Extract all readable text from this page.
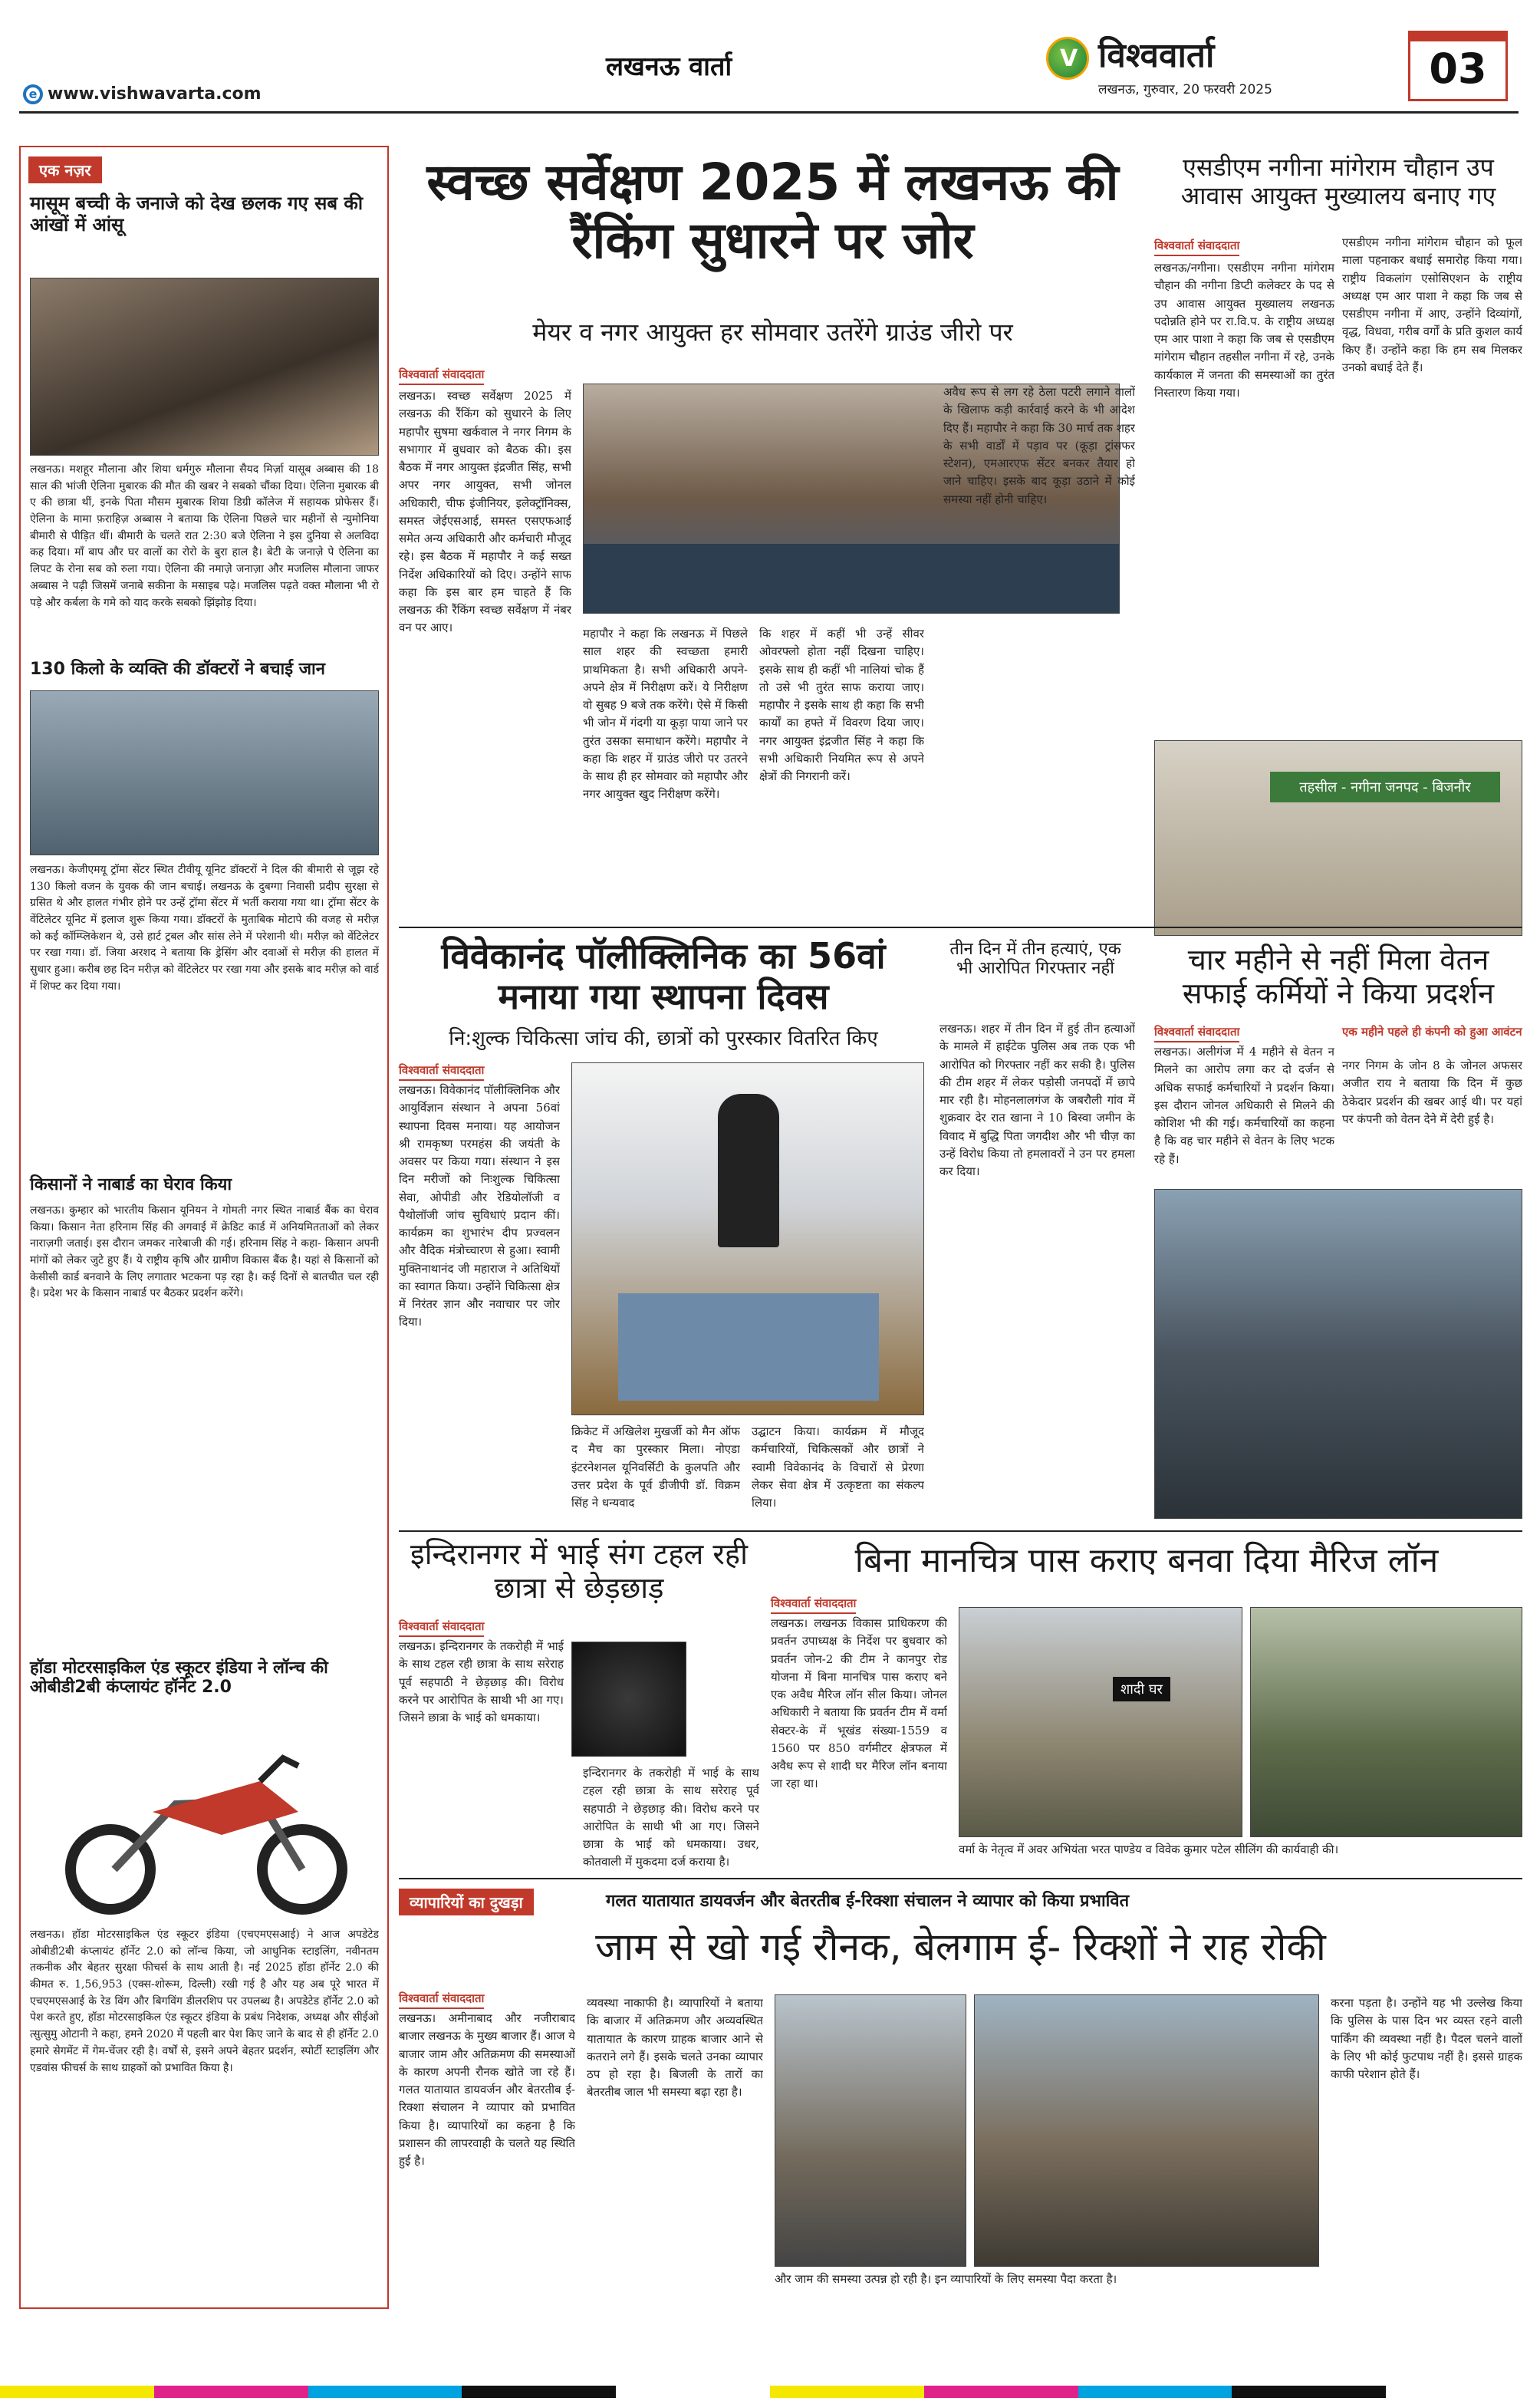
लखनऊ वार्ता	V विश्ववार्ता
लखनऊ, गुरुवार, 20 फरवरी 2025	03
e www.vishwavarta.com
एक नज़र
मासूम बच्ची के जनाजे को देख छलक गए सब की आंखों में आंसू
लखनऊ। मशहूर मौलाना और शिया धर्मगुरु मौलाना सैयद मिर्ज़ा यासूब अब्बास की 18 साल की भांजी ऐलिना मुबारक की मौत की खबर ने सबको चौंका दिया। ऐलिना मुबारक बी ए की छात्रा थीं, इनके पिता मौसम मुबारक शिया डिग्री कॉलेज में सहायक प्रोफेसर हैं। ऐलिना के मामा फ़राहिज़ अब्बास ने बताया कि ऐलिना पिछले चार महीनों से न्युमोनिया बीमारी से पीड़ित थीं। बीमारी के चलते रात 2:30 बजे ऐलिना ने इस दुनिया से अलविदा कह दिया। माँ बाप और घर वालों का रोरो के बुरा हाल है। बेटी के जनाज़े पे ऐलिना का लिपट के रोना सब को रुला गया। ऐलिना की नमाज़े जनाज़ा और मजलिस मौलाना जाफर अब्बास ने पढ़ी जिसमें जनाबे सकीना के मसाइब पढ़े। मजलिस पढ़ते वक्त मौलाना भी रो पड़े और कर्बला के गमे को याद करके सबको झिंझोड़ दिया।
130 किलो के व्यक्ति की डॉक्टरों ने बचाई जान
लखनऊ। केजीएमयू ट्रॉमा सेंटर स्थित टीवीयू यूनिट डॉक्टरों ने दिल की बीमारी से जूझ रहे 130 किलो वजन के युवक की जान बचाई। लखनऊ के दुबग्गा निवासी प्रदीप सुरक्षा से ग्रसित थे और हालत गंभीर होने पर उन्हें ट्रॉमा सेंटर में भर्ती कराया गया था। ट्रॉमा सेंटर के वेंटिलेटर यूनिट में इलाज शुरू किया गया। डॉक्टरों के मुताबिक मोटापे की वजह से मरीज़ को कई कॉम्प्लिकेशन थे, उसे हार्ट ट्रबल और सांस लेने में परेशानी थी। मरीज़ को वेंटिलेटर पर रखा गया। डॉ. जिया अरशद ने बताया कि ड्रेसिंग और दवाओं से मरीज़ की हालत में सुधार हुआ। करीब छह दिन मरीज़ को वेंटिलेटर पर रखा गया और इसके बाद मरीज़ को वार्ड में शिफ्ट कर दिया गया।
किसानों ने नाबार्ड का घेराव किया
लखनऊ। कुम्हार को भारतीय किसान यूनियन ने गोमती नगर स्थित नाबार्ड बैंक का घेराव किया। किसान नेता हरिनाम सिंह की अगवाई में क्रेडिट कार्ड में अनियमितताओं को लेकर नाराज़गी जताई। इस दौरान जमकर नारेबाजी की गई। हरिनाम सिंह ने कहा- किसान अपनी मांगों को लेकर जुटे हुए हैं। ये राष्ट्रीय कृषि और ग्रामीण विकास बैंक है। यहां से किसानों को केसीसी कार्ड बनवाने के लिए लगातार भटकना पड़ रहा है। कई दिनों से बातचीत चल रही है। प्रदेश भर के किसान नाबार्ड पर बैठकर प्रदर्शन करेंगे।
हॉडा मोटरसाइकिल एंड स्कूटर इंडिया ने लॉन्च की ओबीडी2बी कंप्लायंट हॉर्नेट 2.0
लखनऊ। हॉडा मोटरसाइकिल एंड स्कूटर इंडिया (एचएमएसआई) ने आज अपडेटेड ओबीडी2बी कंप्लायंट हॉर्नेट 2.0 को लॉन्च किया, जो आधुनिक स्टाइलिंग, नवीनतम तकनीक और बेहतर सुरक्षा फीचर्स के साथ आती है। नई 2025 हॉडा हॉर्नेट 2.0 की कीमत रु. 1,56,953 (एक्स-शोरूम, दिल्ली) रखी गई है और यह अब पूरे भारत में एचएमएसआई के रेड विंग और बिगविंग डीलरशिप पर उपलब्ध है। अपडेटेड हॉर्नेट 2.0 को पेश करते हुए, हॉडा मोटरसाइकिल एंड स्कूटर इंडिया के प्रबंध निदेशक, अध्यक्ष और सीईओ त्सुत्सुमु ओटानी ने कहा, हमने 2020 में पहली बार पेश किए जाने के बाद से ही हॉर्नेट 2.0 हमारे सेगमेंट में गेम-चेंजर रही है। वर्षों से, इसने अपने बेहतर प्रदर्शन, स्पोर्टी स्टाइलिंग और एडवांस फीचर्स के साथ ग्राहकों को प्रभावित किया है।
स्वच्छ सर्वेक्षण 2025 में लखनऊ की रैंकिंग सुधारने पर जोर
मेयर व नगर आयुक्त हर सोमवार उतरेंगे ग्राउंड जीरो पर
विश्ववार्ता संवाददाता
लखनऊ। स्वच्छ सर्वेक्षण 2025 में लखनऊ की रैंकिंग को सुधारने के लिए महापौर सुषमा खर्कवाल ने नगर निगम के सभागार में बुधवार को बैठक की। इस बैठक में नगर आयुक्त इंद्रजीत सिंह, सभी अपर नगर आयुक्त, सभी जोनल अधिकारी, चीफ इंजीनियर, इलेक्ट्रॉनिक्स, समस्त जेईएसआई, समस्त एसएफआई समेत अन्य अधिकारी और कर्मचारी मौजूद रहे। इस बैठक में महापौर ने कई सख्त निर्देश अधिकारियों को दिए। उन्होंने साफ कहा कि इस बार हम चाहते हैं कि लखनऊ की रैंकिंग स्वच्छ सर्वेक्षण में नंबर वन पर आए।	महापौर ने कहा कि लखनऊ में पिछले साल शहर की स्वच्छता हमारी प्राथमिकता है। सभी अधिकारी अपने-अपने क्षेत्र में निरीक्षण करें। ये निरीक्षण वो सुबह 9 बजे तक करेंगे। ऐसे में किसी भी जोन में गंदगी या कूड़ा पाया जाने पर तुरंत उसका समाधान करेंगे। महापौर ने कहा कि शहर में ग्राउंड जीरो पर उतरने के साथ ही हर सोमवार को महापौर और नगर आयुक्त खुद निरीक्षण करेंगे।
कि शहर में कहीं भी उन्हें सीवर ओवरफ्लो होता नहीं दिखना चाहिए। इसके साथ ही कहीं भी नालियां चोक हैं तो उसे भी तुरंत साफ कराया जाए। महापौर ने इसके साथ ही कहा कि सभी कार्यों का हफ्ते में विवरण दिया जाए। नगर आयुक्त इंद्रजीत सिंह ने कहा कि सभी अधिकारी नियमित रूप से अपने क्षेत्रों की निगरानी करें।
अवैध रूप से लग रहे ठेला पटरी लगाने वालों के खिलाफ कड़ी कार्रवाई करने के भी आदेश दिए हैं। महापौर ने कहा कि 30 मार्च तक शहर के सभी वार्डों में पड़ाव पर (कूड़ा ट्रांसफर स्टेशन), एमआरएफ सेंटर बनकर तैयार हो जाने चाहिए। इसके बाद कूड़ा उठाने में कोई समस्या नहीं होनी चाहिए।
एसडीएम नगीना मांगेराम चौहान उप आवास आयुक्त मुख्यालय बनाए गए
विश्ववार्ता संवाददाता
लखनऊ/नगीना। एसडीएम नगीना मांगेराम चौहान की नगीना डिप्टी कलेक्टर के पद से उप आवास आयुक्त मुख्यालय लखनऊ पदोन्नति होने पर रा.वि.प. के राष्ट्रीय अध्यक्ष एम आर पाशा ने कहा कि जब से एसडीएम मांगेराम चौहान तहसील नगीना में रहे, उनके कार्यकाल में जनता की समस्याओं का तुरंत निस्तारण किया गया।
एसडीएम नगीना मांगेराम चौहान को फूल माला पहनाकर बधाई समारोह किया गया। राष्ट्रीय विकलांग एसोसिएशन के राष्ट्रीय अध्यक्ष एम आर पाशा ने कहा कि जब से एसडीएम नगीना में आए, उन्होंने दिव्यांगों, वृद्ध, विधवा, गरीब वर्गों के प्रति कुशल कार्य किए हैं। उन्होंने कहा कि हम सब मिलकर उनको बधाई देते हैं।
तहसील - नगीना जनपद - बिजनौर
विवेकानंद पॉलीक्लिनिक का 56वां मनाया गया स्थापना दिवस
नि:शुल्क चिकित्सा जांच की, छात्रों को पुरस्कार वितरित किए
विश्ववार्ता संवाददाता
लखनऊ। विवेकानंद पॉलीक्लिनिक और आयुर्विज्ञान संस्थान ने अपना 56वां स्थापना दिवस मनाया। यह आयोजन श्री रामकृष्ण परमहंस की जयंती के अवसर पर किया गया। संस्थान ने इस दिन मरीजों को निःशुल्क चिकित्सा सेवा, ओपीडी और रेडियोलॉजी व पैथोलॉजी जांच सुविधाएं प्रदान कीं। कार्यक्रम का शुभारंभ दीप प्रज्वलन और वैदिक मंत्रोच्चारण से हुआ। स्वामी मुक्तिनाथानंद जी महाराज ने अतिथियों का स्वागत किया। उन्होंने चिकित्सा क्षेत्र में निरंतर ज्ञान और नवाचार पर जोर दिया।
क्रिकेट में अखिलेश मुखर्जी को मैन ऑफ द मैच का पुरस्कार मिला। नोएडा इंटरनेशनल यूनिवर्सिटी के कुलपति और उत्तर प्रदेश के पूर्व डीजीपी डॉ. विक्रम सिंह ने धन्यवाद
उद्घाटन किया। कार्यक्रम में मौजूद कर्मचारियों, चिकित्सकों और छात्रों ने स्वामी विवेकानंद के विचारों से प्रेरणा लेकर सेवा क्षेत्र में उत्कृष्टता का संकल्प लिया।
तीन दिन में तीन हत्याएं, एक भी आरोपित गिरफ्तार नहीं
लखनऊ। शहर में तीन दिन में हुई तीन हत्याओं के मामले में हाईटेक पुलिस अब तक एक भी आरोपित को गिरफ्तार नहीं कर सकी है। पुलिस की टीम शहर में लेकर पड़ोसी जनपदों में छापे मार रही है। मोहनलालगंज के जबरौली गांव में शुक्रवार देर रात खाना ने 10 बिस्वा जमीन के विवाद में बुद्धि पिता जगदीश और भी चीज़ का उन्हें विरोध किया तो हमलावरों ने उन पर हमला कर दिया।
चार महीने से नहीं मिला वेतन सफाई कर्मियों ने किया प्रदर्शन
विश्ववार्ता संवाददाता
लखनऊ। अलीगंज में 4 महीने से वेतन न मिलने का आरोप लगा कर दो दर्जन से अधिक सफाई कर्मचारियों ने प्रदर्शन किया। इस दौरान जोनल अधिकारी से मिलने की कोशिश भी की गई। कर्मचारियों का कहना है कि वह चार महीने से वेतन के लिए भटक रहे हैं।
एक महीने पहले ही कंपनी को हुआ आवंटन
नगर निगम के जोन 8 के जोनल अफसर अजीत राय ने बताया कि दिन में कुछ ठेकेदार प्रदर्शन की खबर आई थी। पर यहां पर कंपनी को वेतन देने में देरी हुई है।
इन्दिरानगर में भाई संग टहल रही छात्रा से छेड़छाड़
विश्ववार्ता संवाददाता
लखनऊ। इन्दिरानगर के तकरोही में भाई के साथ टहल रही छात्रा के साथ सरेराह पूर्व सहपाठी ने छेड़छाड़ की। विरोध करने पर आरोपित के साथी भी आ गए। जिसने छात्रा के भाई को धमकाया।
इन्दिरानगर के तकरोही में भाई के साथ टहल रही छात्रा के साथ सरेराह पूर्व सहपाठी ने छेड़छाड़ की। विरोध करने पर आरोपित के साथी भी आ गए। जिसने छात्रा के भाई को धमकाया। उधर, कोतवाली में मुकदमा दर्ज कराया है।
बिना मानचित्र पास कराए बनवा दिया मैरिज लॉन
विश्ववार्ता संवाददाता
लखनऊ। लखनऊ विकास प्राधिकरण की प्रवर्तन उपाध्यक्ष के निर्देश पर बुधवार को प्रवर्तन जोन-2 की टीम ने कानपुर रोड योजना में बिना मानचित्र पास कराए बने एक अवैध मैरिज लॉन सील किया। जोनल अधिकारी ने बताया कि प्रवर्तन टीम में वर्मा सेक्टर-के में भूखंड संख्या-1559 व 1560 पर 850 वर्गमीटर क्षेत्रफल में अवैध रूप से शादी घर मैरिज लॉन बनाया जा रहा था।
शादी घर
वर्मा के नेतृत्व में अवर अभियंता भरत पाण्डेय व विवेक कुमार पटेल सीलिंग की कार्यवाही की।
व्यापारियों का दुखड़ा	गलत यातायात डायवर्जन और बेतरतीब ई-रिक्शा संचालन ने व्यापार को किया प्रभावित
जाम से खो गई रौनक, बेलगाम ई- रिक्शों ने राह रोकी
विश्ववार्ता संवाददाता
लखनऊ। अमीनाबाद और नजीराबाद बाजार लखनऊ के मुख्य बाजार हैं। आज ये बाजार जाम और अतिक्रमण की समस्याओं के कारण अपनी रौनक खोते जा रहे हैं। गलत यातायात डायवर्जन और बेतरतीब ई-रिक्शा संचालन ने व्यापार को प्रभावित किया है। व्यापारियों का कहना है कि प्रशासन की लापरवाही के चलते यह स्थिति हुई है।
व्यवस्था नाकाफी है। व्यापारियों ने बताया कि बाजार में अतिक्रमण और अव्यवस्थित यातायात के कारण ग्राहक बाजार आने से कतराने लगे हैं। इसके चलते उनका व्यापार ठप हो रहा है। बिजली के तारों का बेतरतीब जाल भी समस्या बढ़ा रहा है।
और जाम की समस्या उत्पन्न हो रही है। इन व्यापारियों के लिए समस्या पैदा करता है।
करना पड़ता है। उन्होंने यह भी उल्लेख किया कि पुलिस के पास दिन भर व्यस्त रहने वाली पार्किंग की व्यवस्था नहीं है। पैदल चलने वालों के लिए भी कोई फुटपाथ नहीं है। इससे ग्राहक काफी परेशान होते हैं।
